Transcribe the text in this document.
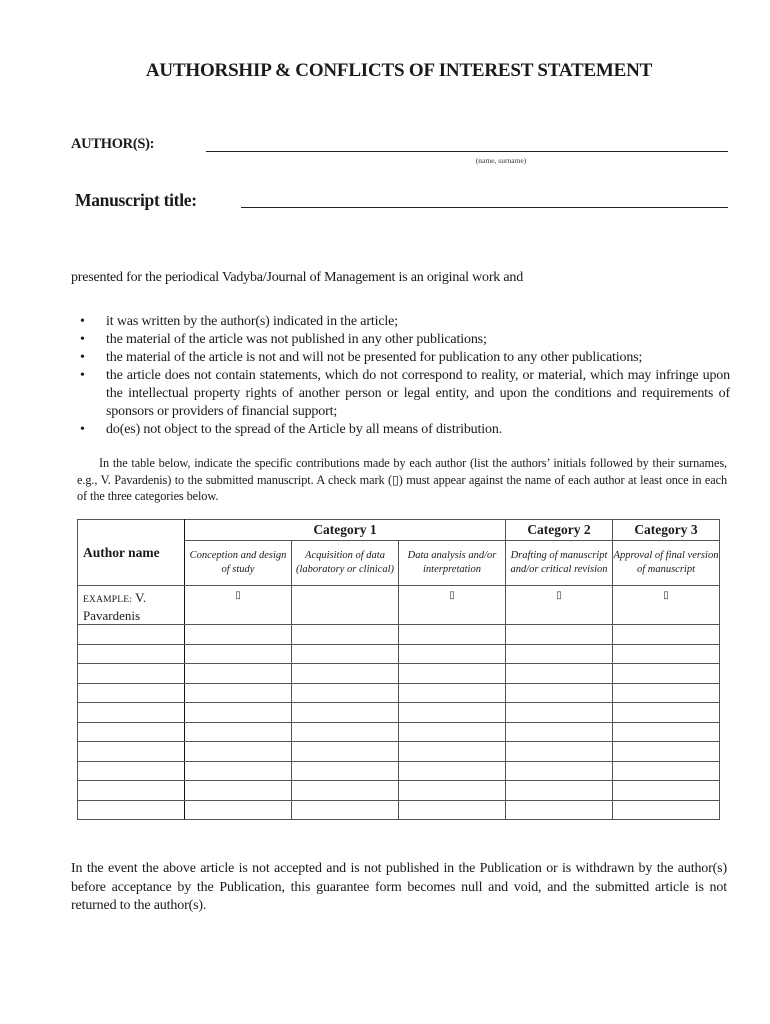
AUTHORSHIP & CONFLICTS OF INTEREST STATEMENT
AUTHOR(S):
(name, surname)
Manuscript title:
presented for the periodical Vadyba/Journal of Management is an original work and
• it was written by the author(s) indicated in the article;
• the material of the article was not published in any other publications;
• the material of the article is not and will not be presented for publication to any other publications;
• the article does not contain statements, which do not correspond to reality, or material, which may infringe upon the intellectual property rights of another person or legal entity, and upon the conditions and requirements of sponsors or providers of financial support;
• do(es) not object to the spread of the Article by all means of distribution.
In the table below, indicate the specific contributions made by each author (list the authors’ initials followed by their surnames, e.g., V. Pavardenis) to the submitted manuscript. A check mark (▯) must appear against the name of each author at least once in each of the three categories below.
Author name	Category 1			Category 2	Category 3
	Conception and design of study	Acquisition of data (laboratory or clinical)	Data analysis and/or interpretation	Drafting of manuscript and/or critical revision	Approval of final version of manuscript
EXAMPLE: V. Pavardenis	▯		▯	▯	▯

In the event the above article is not accepted and is not published in the Publication or is withdrawn by the author(s) before acceptance by the Publication, this guarantee form becomes null and void, and the submitted article is not returned to the author(s).
